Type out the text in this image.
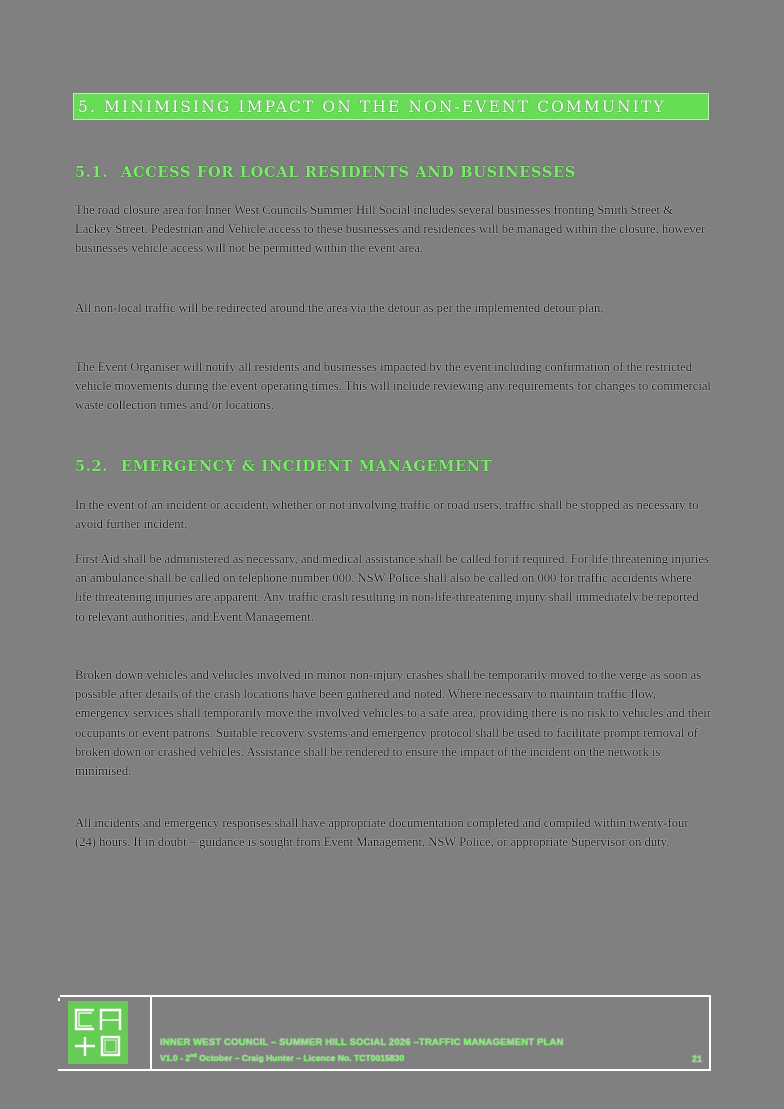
5. MINIMISING IMPACT ON THE NON-EVENT COMMUNITY
5.1. ACCESS FOR LOCAL RESIDENTS AND BUSINESSES

The road closure area for Inner West Councils Summer Hill Social includes several businesses fronting Smith Street & Lackey Street. Pedestrian and Vehicle access to these businesses and residences will be managed within the closure, however businesses vehicle access will not be permitted within the event area.

All non-local traffic will be redirected around the area via the detour as per the implemented detour plan.

The Event Organiser will notify all residents and businesses impacted by the event including confirmation of the restricted vehicle movements during the event operating times. This will include reviewing any requirements for changes to commercial waste collection times and/or locations.

5.2. EMERGENCY & INCIDENT MANAGEMENT

In the event of an incident or accident, whether or not involving traffic or road users, traffic shall be stopped as necessary to avoid further incident.

First Aid shall be administered as necessary, and medical assistance shall be called for if required. For life threatening injuries an ambulance shall be called on telephone number 000. NSW Police shall also be called on 000 for traffic accidents where life threatening injuries are apparent. Any traffic crash resulting in non-life-threatening injury shall immediately be reported to relevant authorities, and Event Management.

Broken down vehicles and vehicles involved in minor non-injury crashes shall be temporarily moved to the verge as soon as possible after details of the crash locations have been gathered and noted. Where necessary to maintain traffic flow, emergency services shall temporarily move the involved vehicles to a safe area, providing there is no risk to vehicles and their occupants or event patrons. Suitable recovery systems and emergency protocol shall be used to facilitate prompt removal of broken down or crashed vehicles. Assistance shall be rendered to ensure the impact of the incident on the network is minimised.

All incidents and emergency responses shall have appropriate documentation completed and compiled within twenty-four (24) hours. If in doubt – guidance is sought from Event Management, NSW Police, or appropriate Supervisor on duty.

INNER WEST COUNCIL – SUMMER HILL SOCIAL 2026 –TRAFFIC MANAGEMENT PLAN
V1.0 - 2nd October – Craig Hunter – Licence No. TCT0015830	21
